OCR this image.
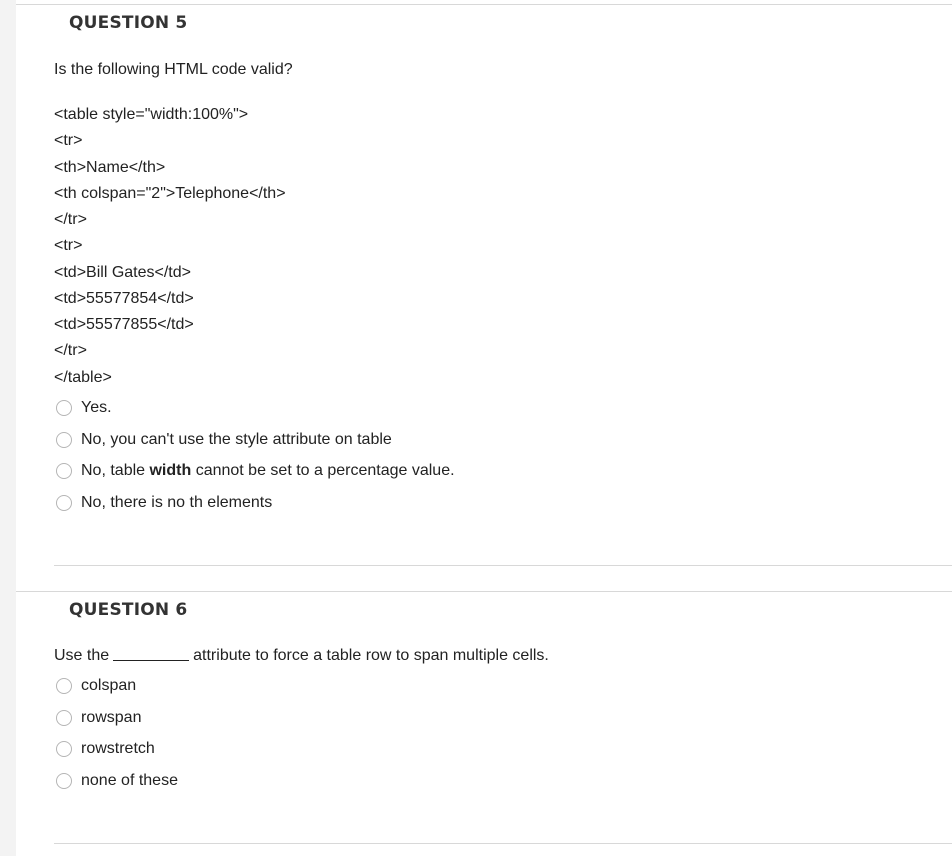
QUESTION 5
Is the following HTML code valid?
<table style="width:100%">
<tr>
<th>Name</th>
<th colspan="2">Telephone</th>
</tr>
<tr>
<td>Bill Gates</td>
<td>55577854</td>
<td>55577855</td>
</tr>
</table>
Yes.
No, you can't use the style attribute on table
No, table width cannot be set to a percentage value.
No, there is no th elements
QUESTION 6
Use the	attribute to force a table row to span multiple cells.
colspan
rowspan
rowstretch
none of these
